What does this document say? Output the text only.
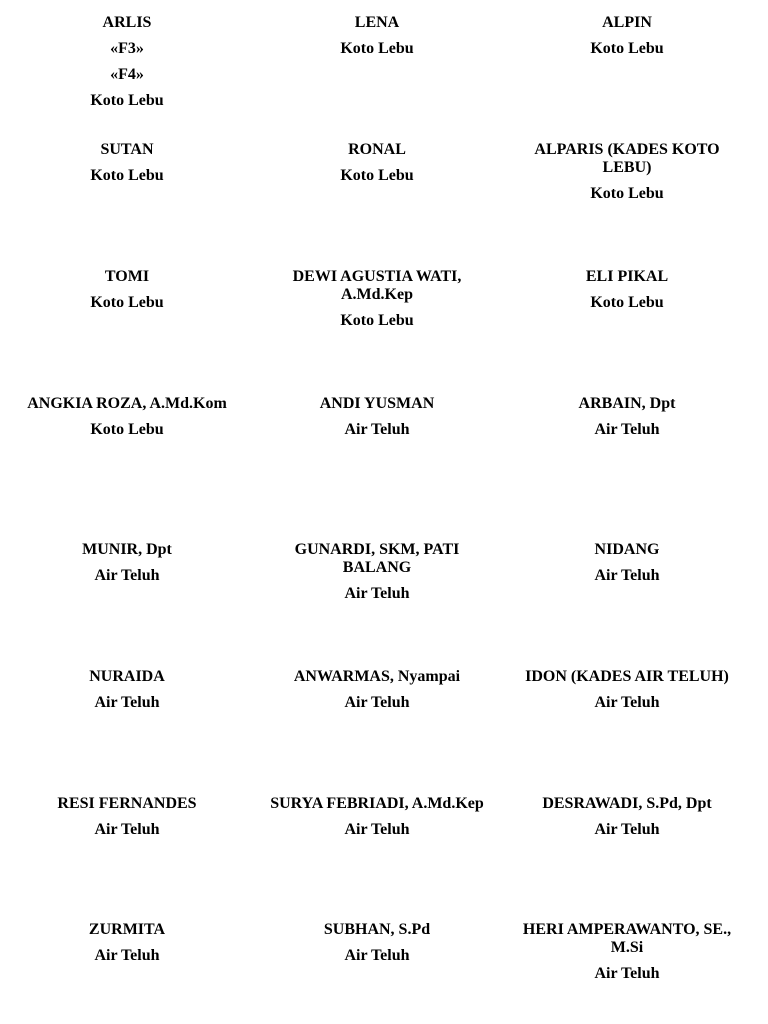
ARLIS
«F3»
«F4»
Koto Lebu
LENA
Koto Lebu
ALPIN
Koto Lebu
SUTAN
Koto Lebu
RONAL
Koto Lebu
ALPARIS (KADES KOTO LEBU)
Koto Lebu
TOMI
Koto Lebu
DEWI AGUSTIA WATI, A.Md.Kep
Koto Lebu
ELI PIKAL
Koto Lebu
ANGKIA ROZA, A.Md.Kom
Koto Lebu
ANDI YUSMAN
Air Teluh
ARBAIN, Dpt
Air Teluh
MUNIR, Dpt
Air Teluh
GUNARDI, SKM, PATI BALANG
Air Teluh
NIDANG
Air Teluh
NURAIDA
Air Teluh
ANWARMAS, Nyampai
Air Teluh
IDON (KADES AIR TELUH)
Air Teluh
RESI FERNANDES
Air Teluh
SURYA FEBRIADI, A.Md.Kep
Air Teluh
DESRAWADI, S.Pd, Dpt
Air Teluh
ZURMITA
Air Teluh
SUBHAN, S.Pd
Air Teluh
HERI AMPERAWANTO, SE., M.Si
Air Teluh
